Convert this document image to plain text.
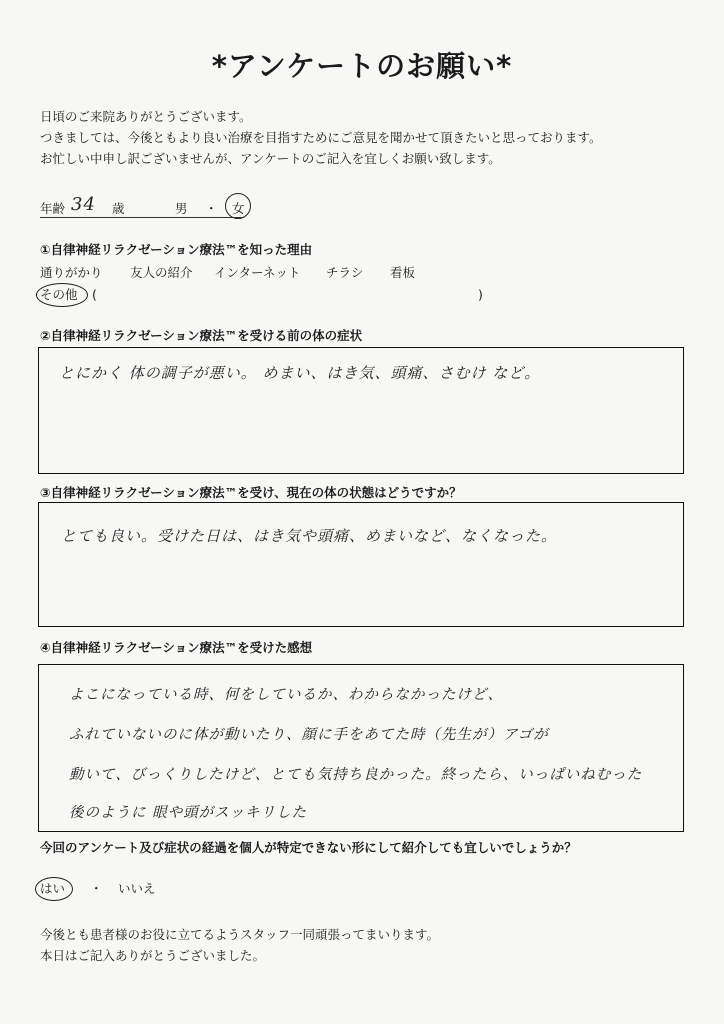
*アンケートのお願い*
日頃のご来院ありがとうございます。
つきましては、今後ともより良い治療を目指すためにご意見を聞かせて頂きたいと思っております。
お忙しい中申し訳ございませんが、アンケートのご記入を宜しくお願い致します。
年齢 34 歳	男 ・ 女
①自律神経リラクゼーション療法™を知った理由
通りがかり 友人の紹介 インターネット チラシ 看板
その他 (	)
②自律神経リラクゼーション療法™を受ける前の体の症状
とにかく 体の調子が悪い。 めまい、はき気、頭痛、さむけ など。
③自律神経リラクゼーション療法™を受け、現在の体の状態はどうですか？
とても良い。受けた日は、はき気や頭痛、めまいなど、なくなった。
④自律神経リラクゼーション療法™を受けた感想
よこになっている時、何をしているか、わからなかったけど、
ふれていないのに体が動いたり、顔に手をあてた時（先生が）アゴが
動いて、びっくりしたけど、とても気持ち良かった。終ったら、いっぱいねむった
後のように 眼や頭がスッキリした
今回のアンケート及び症状の経過を個人が特定できない形にして紹介しても宜しいでしょうか？
はい ・ いいえ
今後とも患者様のお役に立てるようスタッフ一同頑張ってまいります。
本日はご記入ありがとうございました。
